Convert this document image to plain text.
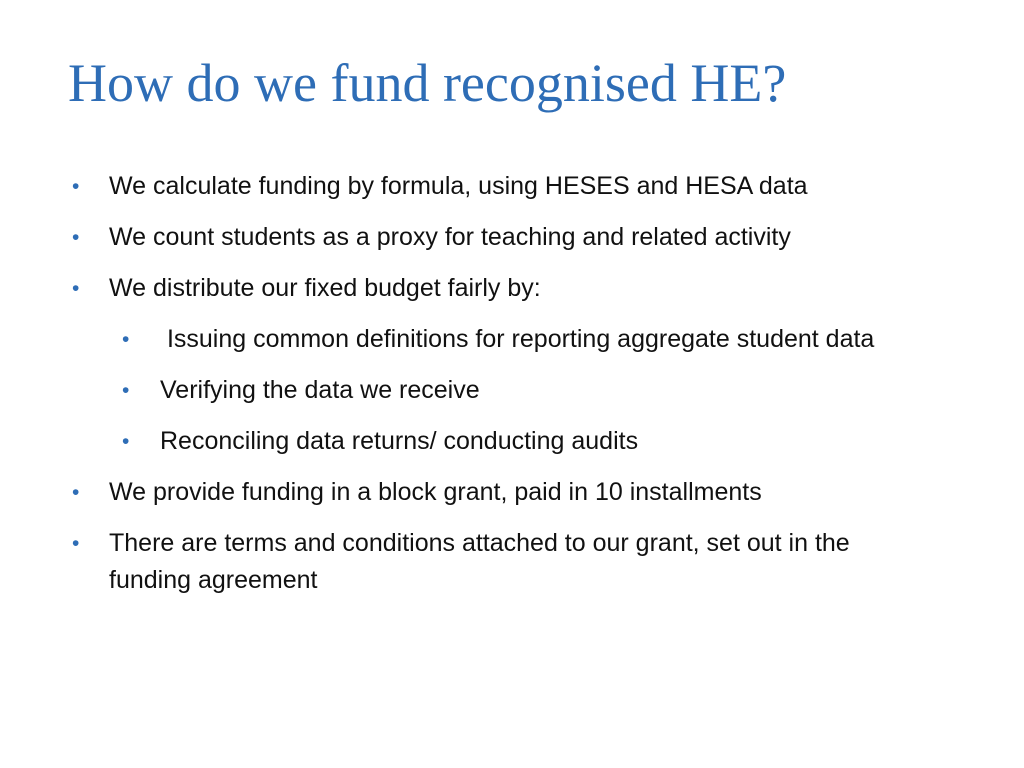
How do we fund recognised HE?
• We calculate funding by formula, using HESES and HESA data
• We count students as a proxy for teaching and related activity
• We distribute our fixed budget fairly by:
• Issuing common definitions for reporting aggregate student data
• Verifying the data we receive
• Reconciling data returns/ conducting audits
• We provide funding in a block grant, paid in 10 installments
• There are terms and conditions attached to our grant, set out in the funding agreement
